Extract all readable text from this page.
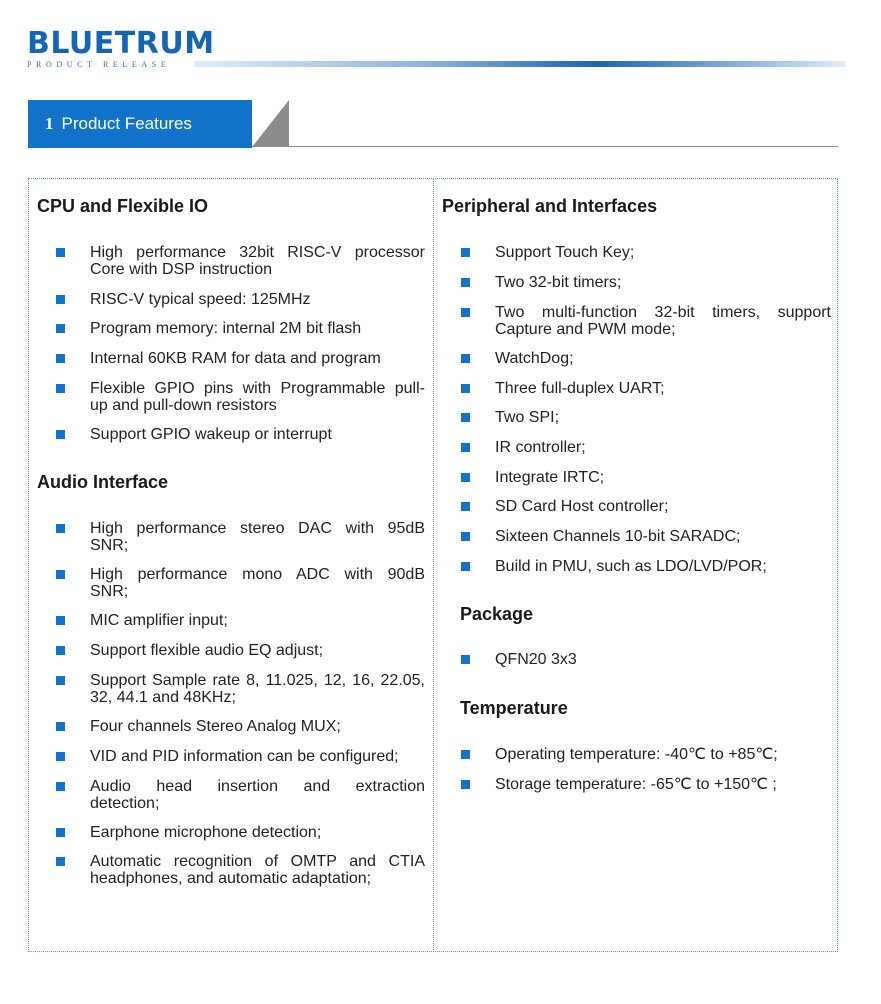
BLUETRUM
PRODUCT RELEASE
1 Product Features
CPU and Flexible IO
High performance 32bit RISC-V processor
Core with DSP instruction
RISC-V typical speed: 125MHz
Program memory: internal 2M bit flash
Internal 60KB RAM for data and program
Flexible GPIO pins with Programmable pull-
up and pull-down resistors
Support GPIO wakeup or interrupt
Audio Interface
High performance stereo DAC with 95dB
SNR;
High performance mono ADC with 90dB
SNR;
MIC amplifier input;
Support flexible audio EQ adjust;
Support Sample rate 8, 11.025, 12, 16, 22.05,
32, 44.1 and 48KHz;
Four channels Stereo Analog MUX;
VID and PID information can be configured;
Audio head insertion and extraction
detection;
Earphone microphone detection;
Automatic recognition of OMTP and CTIA
headphones, and automatic adaptation;
Peripheral and Interfaces
Support Touch Key;
Two 32-bit timers;
Two multi-function 32-bit timers, support
Capture and PWM mode;
WatchDog;
Three full-duplex UART;
Two SPI;
IR controller;
Integrate IRTC;
SD Card Host controller;
Sixteen Channels 10-bit SARADC;
Build in PMU, such as LDO/LVD/POR;
Package
QFN20 3x3
Temperature
Operating temperature: -40℃ to +85℃;
Storage temperature: -65℃ to +150℃ ;
